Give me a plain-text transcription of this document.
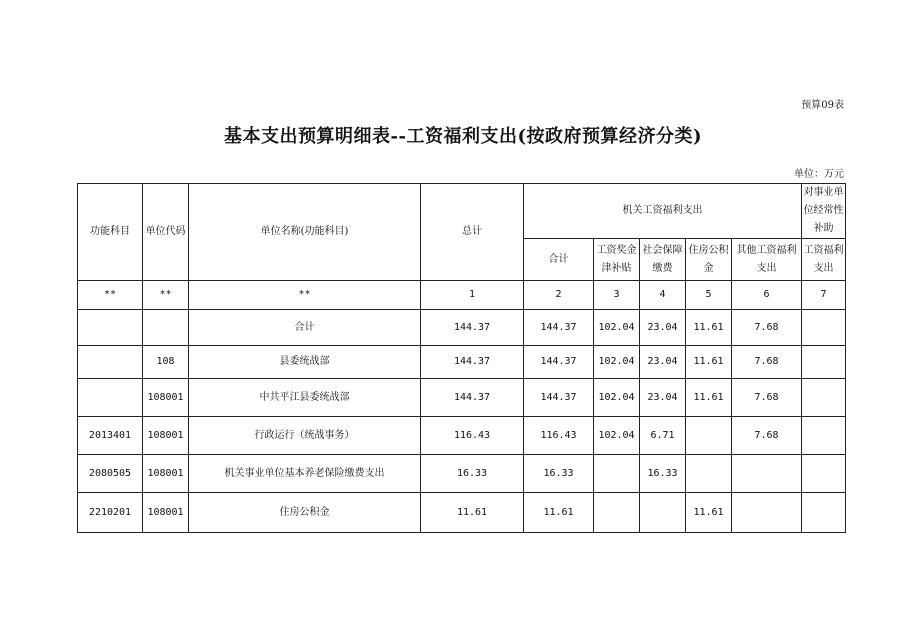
预算09表
基本支出预算明细表--工资福利支出(按政府预算经济分类)
单位：万元
功能科目	单位代码	单位名称(功能科目)	总计	机关工资福利支出					对事业单位经常性补助
				合计	工资奖金津补贴	社会保障缴费	住房公积金	其他工资福利支出	工资福利支出
**	**	**	1	2	3	4	5	6	7
		合计	144.37	144.37	102.04	23.04	11.61	7.68	
	108	县委统战部	144.37	144.37	102.04	23.04	11.61	7.68	
	108001	中共平江县委统战部	144.37	144.37	102.04	23.04	11.61	7.68	
2013401	108001	行政运行（统战事务）	116.43	116.43	102.04	6.71		7.68	
2080505	108001	机关事业单位基本养老保险缴费支出	16.33	16.33		16.33			
2210201	108001	住房公积金	11.61	11.61			11.61		
